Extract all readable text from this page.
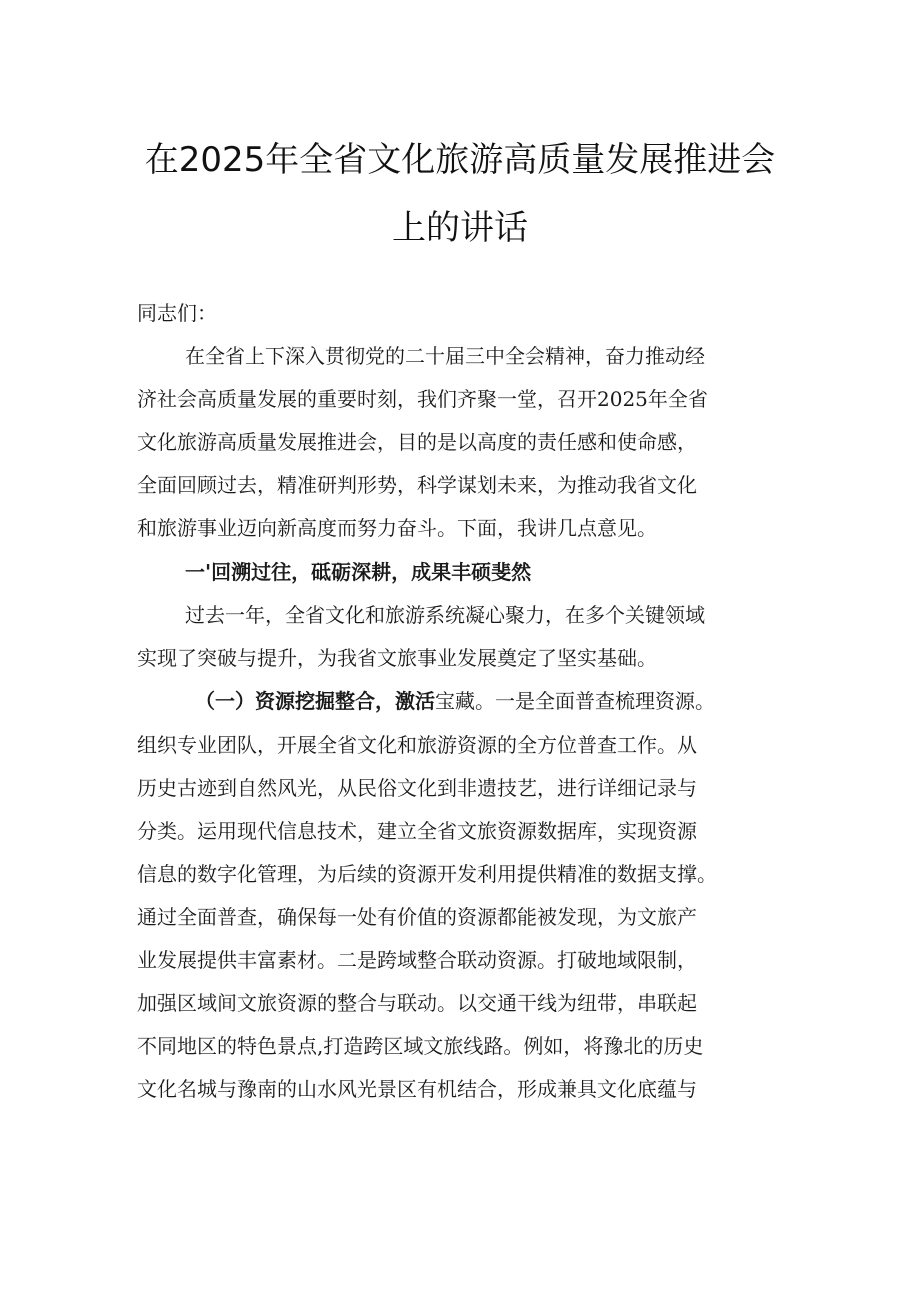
在2025年全省文化旅游高质量发展推进会
上的讲话
同志们：
在全省上下深入贯彻党的二十届三中全会精神，奋力推动经
济社会高质量发展的重要时刻，我们齐聚一堂，召开2025年全省
文化旅游高质量发展推进会，目的是以高度的责任感和使命感，
全面回顾过去，精准研判形势，科学谋划未来，为推动我省文化
和旅游事业迈向新高度而努力奋斗。下面，我讲几点意见。
一'回溯过往，砥砺深耕，成果丰硕斐然
过去一年，全省文化和旅游系统凝心聚力，在多个关键领域
实现了突破与提升，为我省文旅事业发展奠定了坚实基础。
（一）资源挖掘整合，激活宝藏。一是全面普查梳理资源。
组织专业团队，开展全省文化和旅游资源的全方位普查工作。从
历史古迹到自然风光，从民俗文化到非遗技艺，进行详细记录与
分类。运用现代信息技术，建立全省文旅资源数据库，实现资源
信息的数字化管理，为后续的资源开发利用提供精准的数据支撑。
通过全面普查，确保每一处有价值的资源都能被发现，为文旅产
业发展提供丰富素材。二是跨域整合联动资源。打破地域限制，
加强区域间文旅资源的整合与联动。以交通干线为纽带，串联起
不同地区的特色景点,打造跨区域文旅线路。例如，将豫北的历史
文化名城与豫南的山水风光景区有机结合，形成兼具文化底蕴与
